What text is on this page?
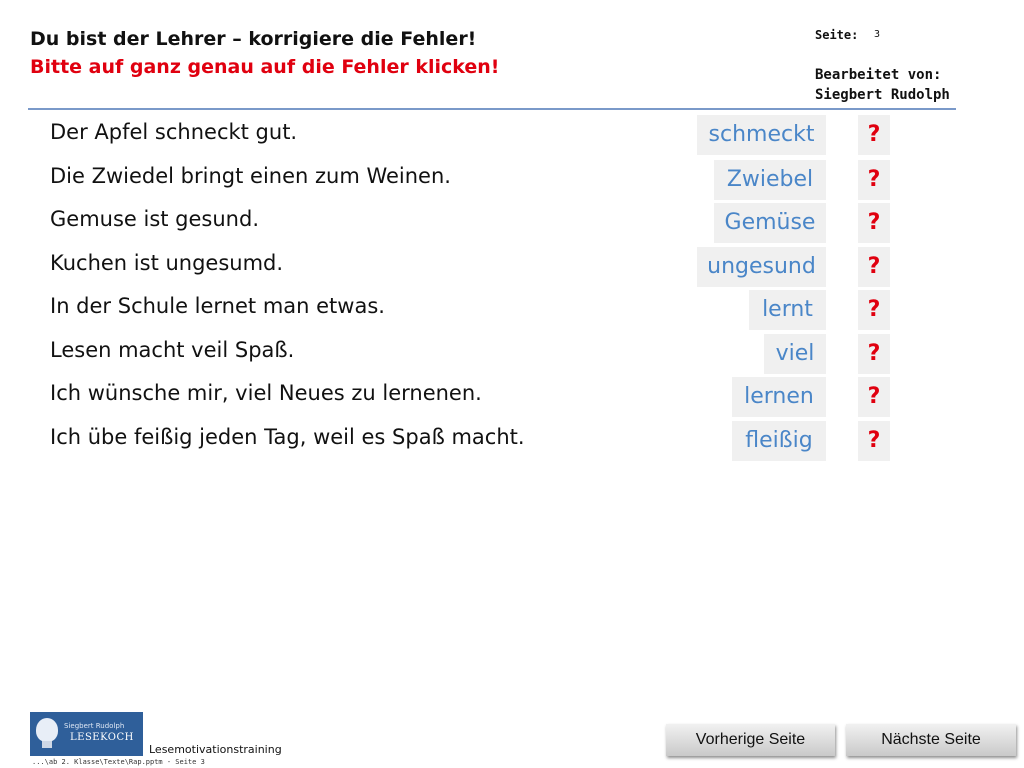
Du bist der Lehrer – korrigiere die Fehler!
Bitte auf ganz genau auf die Fehler klicken!
Seite: 3
Bearbeitet von:
Siegbert Rudolph
Der Apfel schneckt gut.
Die Zwiedel bringt einen zum Weinen.
Gemuse ist gesund.
Kuchen ist ungesumd.
In der Schule lernet man etwas.
Lesen macht veil Spaß.
Ich wünsche mir, viel Neues zu lernenen.
Ich übe feißig jeden Tag, weil es Spaß macht.
schmeckt
Zwiebel
Gemüse
ungesund
lernt
viel
lernen
fleißig
?
?
?
?
?
?
?
?
Siegbert Rudolph
LESEKOCH
Lesemotivationstraining
...\ab 2. Klasse\Texte\Rap.pptm - Seite 3
Vorherige Seite	Nächste Seite
